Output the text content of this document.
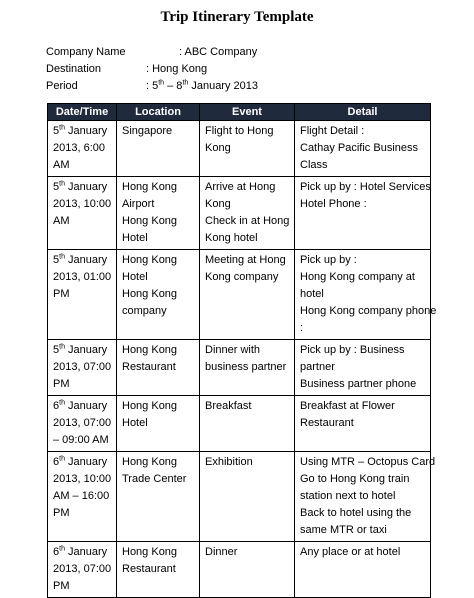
Trip Itinerary Template
Company Name	: ABC Company
Destination	: Hong Kong
Period	: 5th – 8th January 2013
Date/Time	Location	Event	Detail

5th January
2013, 6:00
AM	Singapore	Flight to Hong
Kong	Flight Detail :
Cathay Pacific Business
Class

5th January
2013, 10:00
AM	Hong Kong
Airport
Hong Kong
Hotel	Arrive at Hong
Kong
Check in at Hong
Kong hotel	Pick up by : Hotel Services
Hotel Phone :

5th January
2013, 01:00
PM	Hong Kong
Hotel
Hong Kong
company	Meeting at Hong
Kong company	Pick up by :
Hong Kong company at
hotel
Hong Kong company phone
:

5th January
2013, 07:00
PM	Hong Kong
Restaurant	Dinner with
business partner	Pick up by : Business
partner
Business partner phone

6th January
2013, 07:00
– 09:00 AM	Hong Kong
Hotel	Breakfast	Breakfast at Flower
Restaurant

6th January
2013, 10:00
AM – 16:00
PM	Hong Kong
Trade Center	Exhibition	Using MTR – Octopus Card
Go to Hong Kong train
station next to hotel
Back to hotel using the
same MTR or taxi

6th January
2013, 07:00
PM	Hong Kong
Restaurant	Dinner	Any place or at hotel
